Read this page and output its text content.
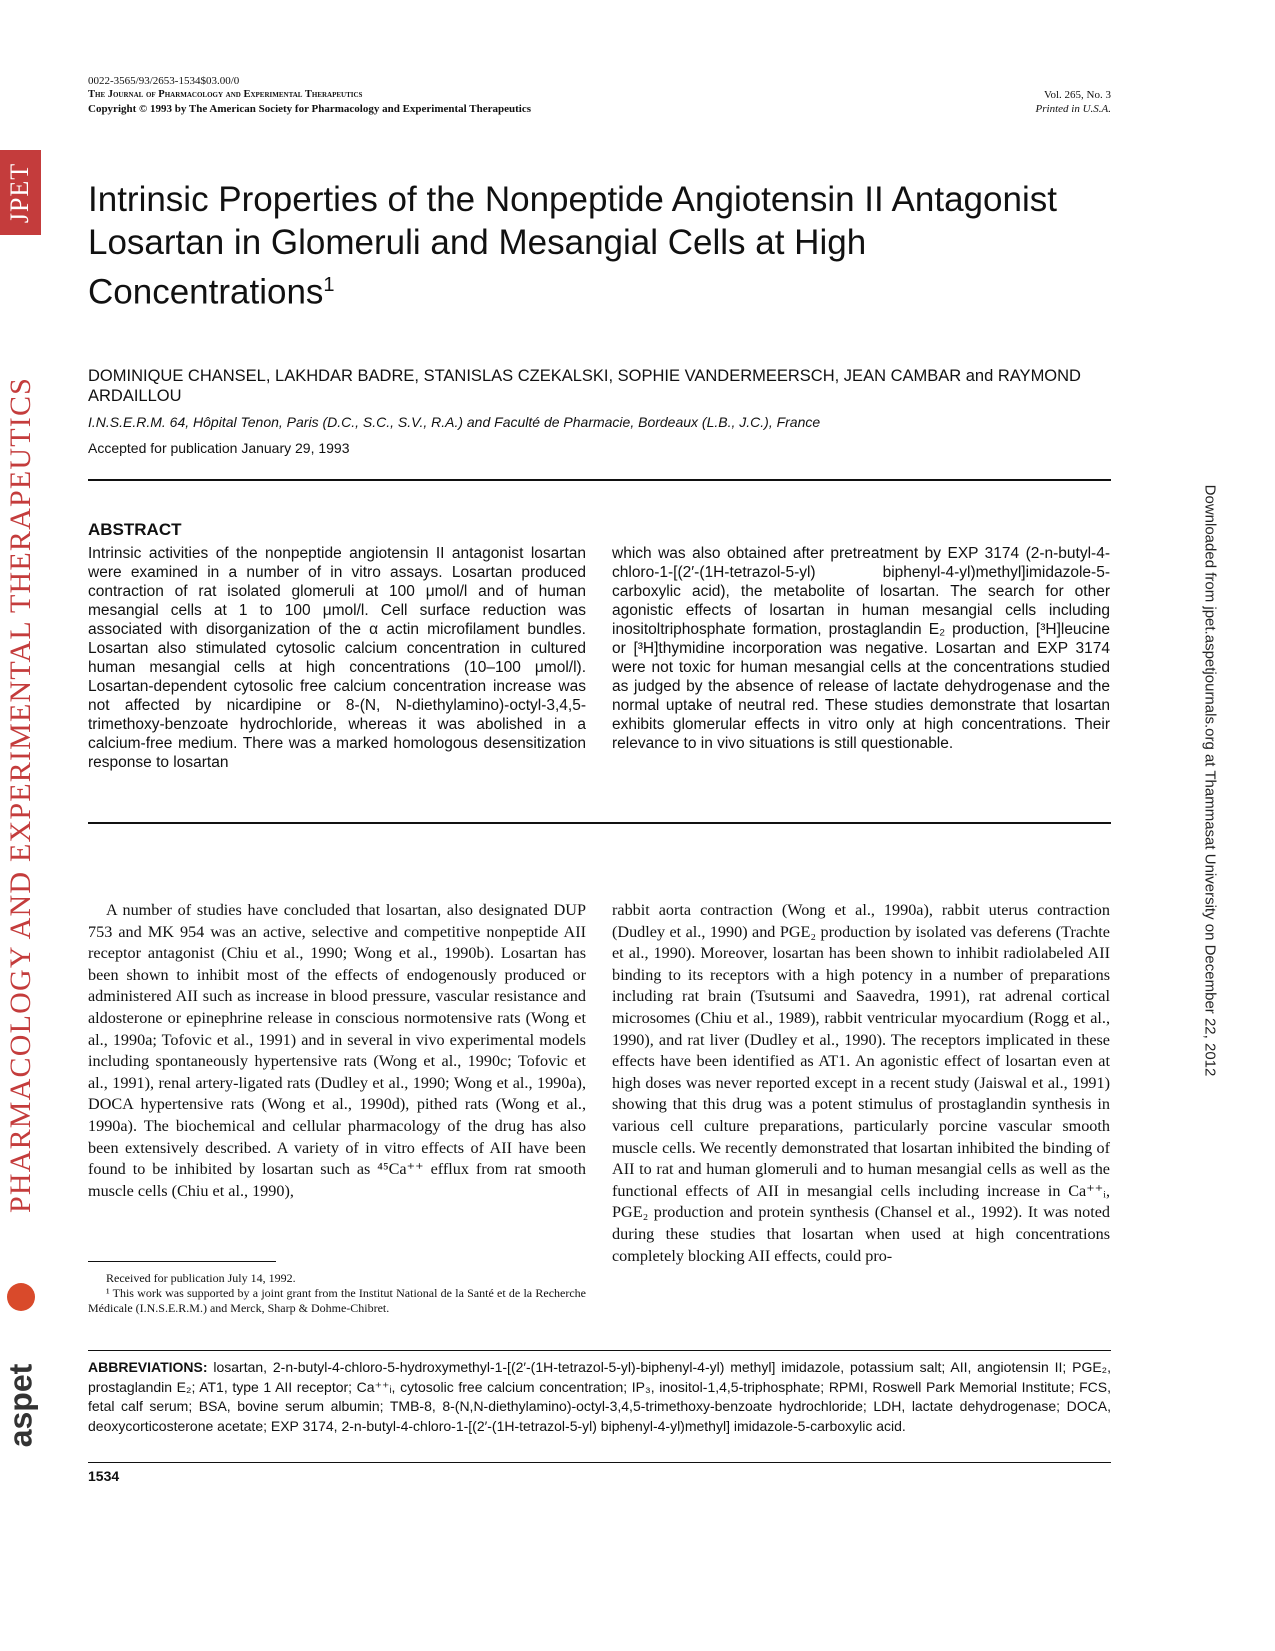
JPET
PHARMACOLOGY AND EXPERIMENTAL THERAPEUTICS
aspet
Downloaded from jpet.aspetjournals.org at Thammasat University on December 22, 2012
0022-3565/93/2653-1534$03.00/0
The Journal of Pharmacology and Experimental Therapeutics
Copyright © 1993 by The American Society for Pharmacology and Experimental Therapeutics
Vol. 265, No. 3
Printed in U.S.A.
Intrinsic Properties of the Nonpeptide Angiotensin II Antagonist Losartan in Glomeruli and Mesangial Cells at High Concentrations$^1$
DOMINIQUE CHANSEL, LAKHDAR BADRE, STANISLAS CZEKALSKI, SOPHIE VANDERMEERSCH, JEAN CAMBAR and RAYMOND ARDAILLOU
I.N.S.E.R.M. 64, Hôpital Tenon, Paris (D.C., S.C., S.V., R.A.) and Faculté de Pharmacie, Bordeaux (L.B., J.C.), France
Accepted for publication January 29, 1993
ABSTRACT
Intrinsic activities of the nonpeptide angiotensin II antagonist losartan were examined in a number of in vitro assays. Losartan produced contraction of rat isolated glomeruli at 100 μmol/l and of human mesangial cells at 1 to 100 μmol/l. Cell surface reduction was associated with disorganization of the α actin microfilament bundles. Losartan also stimulated cytosolic calcium concentration in cultured human mesangial cells at high concentrations (10–100 μmol/l). Losartan-dependent cytosolic free calcium concentration increase was not affected by nicardipine or 8-(N, N-diethylamino)-octyl-3,4,5-trimethoxy-benzoate hydrochloride, whereas it was abolished in a calcium-free medium. There was a marked homologous desensitization response to losartan
which was also obtained after pretreatment by EXP 3174 (2-n-butyl-4-chloro-1-[(2′-(1H-tetrazol-5-yl) biphenyl-4-yl)methyl]imidazole-5-carboxylic acid), the metabolite of losartan. The search for other agonistic effects of losartan in human mesangial cells including inositoltriphosphate formation, prostaglandin E₂ production, [³H]leucine or [³H]thymidine incorporation was negative. Losartan and EXP 3174 were not toxic for human mesangial cells at the concentrations studied as judged by the absence of release of lactate dehydrogenase and the normal uptake of neutral red. These studies demonstrate that losartan exhibits glomerular effects in vitro only at high concentrations. Their relevance to in vivo situations is still questionable.
A number of studies have concluded that losartan, also designated DUP 753 and MK 954 was an active, selective and competitive nonpeptide AII receptor antagonist (Chiu et al., 1990; Wong et al., 1990b). Losartan has been shown to inhibit most of the effects of endogenously produced or administered AII such as increase in blood pressure, vascular resistance and aldosterone or epinephrine release in conscious normotensive rats (Wong et al., 1990a; Tofovic et al., 1991) and in several in vivo experimental models including spontaneously hypertensive rats (Wong et al., 1990c; Tofovic et al., 1991), renal artery-ligated rats (Dudley et al., 1990; Wong et al., 1990a), DOCA hypertensive rats (Wong et al., 1990d), pithed rats (Wong et al., 1990a). The biochemical and cellular pharmacology of the drug has also been extensively described. A variety of in vitro effects of AII have been found to be inhibited by losartan such as ⁴⁵Ca⁺⁺ efflux from rat smooth muscle cells (Chiu et al., 1990),
rabbit aorta contraction (Wong et al., 1990a), rabbit uterus contraction (Dudley et al., 1990) and PGE₂ production by isolated vas deferens (Trachte et al., 1990). Moreover, losartan has been shown to inhibit radiolabeled AII binding to its receptors with a high potency in a number of preparations including rat brain (Tsutsumi and Saavedra, 1991), rat adrenal cortical microsomes (Chiu et al., 1989), rabbit ventricular myocardium (Rogg et al., 1990), and rat liver (Dudley et al., 1990). The receptors implicated in these effects have been identified as AT1. An agonistic effect of losartan even at high doses was never reported except in a recent study (Jaiswal et al., 1991) showing that this drug was a potent stimulus of prostaglandin synthesis in various cell culture preparations, particularly porcine vascular smooth muscle cells. We recently demonstrated that losartan inhibited the binding of AII to rat and human glomeruli and to human mesangial cells as well as the functional effects of AII in mesangial cells including increase in Ca⁺⁺ᵢ, PGE₂ production and protein synthesis (Chansel et al., 1992). It was noted during these studies that losartan when used at high concentrations completely blocking AII effects, could pro-
Received for publication July 14, 1992.
¹ This work was supported by a joint grant from the Institut National de la Santé et de la Recherche Médicale (I.N.S.E.R.M.) and Merck, Sharp & Dohme-Chibret.
ABBREVIATIONS: losartan, 2-n-butyl-4-chloro-5-hydroxymethyl-1-[(2′-(1H-tetrazol-5-yl)-biphenyl-4-yl) methyl] imidazole, potassium salt; AII, angiotensin II; PGE₂, prostaglandin E₂; AT1, type 1 AII receptor; Ca⁺⁺ᵢ, cytosolic free calcium concentration; IP₃, inositol-1,4,5-triphosphate; RPMI, Roswell Park Memorial Institute; FCS, fetal calf serum; BSA, bovine serum albumin; TMB-8, 8-(N,N-diethylamino)-octyl-3,4,5-trimethoxy-benzoate hydrochloride; LDH, lactate dehydrogenase; DOCA, deoxycorticosterone acetate; EXP 3174, 2-n-butyl-4-chloro-1-[(2′-(1H-tetrazol-5-yl) biphenyl-4-yl)methyl] imidazole-5-carboxylic acid.
1534
